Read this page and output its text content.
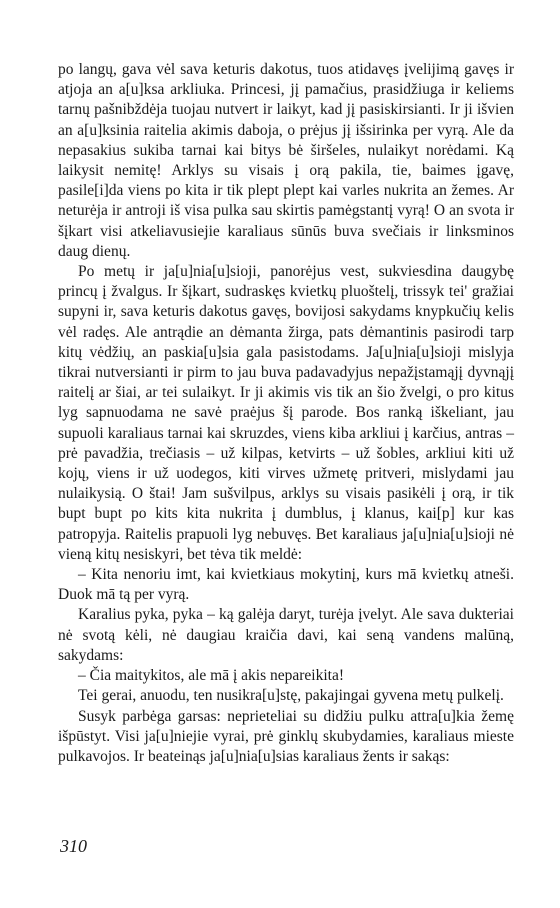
po langų, gava vėl sava keturis dakotus, tuos atidavęs įvelijimą gavęs ir atjoja an a[u]ksa arkliuka. Princesi, jį pamačius, prasidžiuga ir keliems tarnų pašnibždėja tuojau nutvert ir laikyt, kad jį pasiskirsianti. Ir ji išvien an a[u]ksinia raitelia akimis daboja, o prėjus jį išsirinka per vyrą. Ale da nepasakius sukiba tarnai kai bitys bė širšeles, nulaikyt norėdami. Ką laikysit nemitę! Arklys su visais į orą pakila, tie, baimes įgavę, pasile[i]da viens po kita ir tik plept plept kai varles nukrita an žemes. Ar neturėja ir antroji iš visa pulka sau skirtis pamėgstantį vyrą! O an svota ir šįkart visi atkeliavusiejie karaliaus sūnūs buva svečiais ir linksminos daug dienų.

Po metų ir ja[u]nia[u]sioji, panorėjus vest, sukviesdina daugybę princų į žvalgus. Ir šįkart, sudraskęs kvietkų pluoštelį, trissyk tei' gražiai supyni ir, sava keturis dakotus gavęs, bovijosi sakydams knypkučių kelis vėl radęs. Ale antrądie an dėmanta žirga, pats dėmantinis pasirodi tarp kitų vėdžių, an paskia[u]sia gala pasistodams. Ja[u]nia[u]sioji mislyja tikrai nutversianti ir pirm to jau buva padavadyjus nepažįstamąjį dyvnąjį raitelį ar šiai, ar tei sulaikyt. Ir ji akimis vis tik an šio žvelgi, o pro kitus lyg sapnuodama ne savė praėjus šį parode. Bos ranką iškeliant, jau supuoli karaliaus tarnai kai skruzdes, viens kiba arkliui į karčius, antras – prė pavadžia, trečiasis – už kilpas, ketvirts – už šobles, arkliui kiti už kojų, viens ir už uodegos, kiti virves užmetę pritveri, mislydami jau nulaikysią. O štai! Jam sušvilpus, arklys su visais pasikėli į orą, ir tik bupt bupt po kits kita nukrita į dumblus, į klanus, kai[p] kur kas patropyja. Raitelis prapuoli lyg nebuvęs. Bet karaliaus ja[u]nia[u]sioji nė vieną kitų nesiskyri, bet tėva tik meldė:

– Kita nenoriu imt, kai kvietkiaus mokytinį, kurs mā kvietkų atneši. Duok mā tą per vyrą.

Karalius pyka, pyka – ką galėja daryt, turėja įvelyt. Ale sava dukteriai nė svotą kėli, nė daugiau kraičia davi, kai seną vandens malūną, sakydams:

– Čia maitykitos, ale mā į akis nepareikita!

Tei gerai, anuodu, ten nusikra[u]stę, pakajingai gyvena metų pulkelį.

Susyk parbėga garsas: neprieteliai su didžiu pulku attra[u]kia žemę išpūstyt. Visi ja[u]niejie vyrai, prė ginklų skubydamies, karaliaus mieste pulkavojos. Ir beateinąs ja[u]nia[u]sias karaliaus žents ir sakąs:

310
